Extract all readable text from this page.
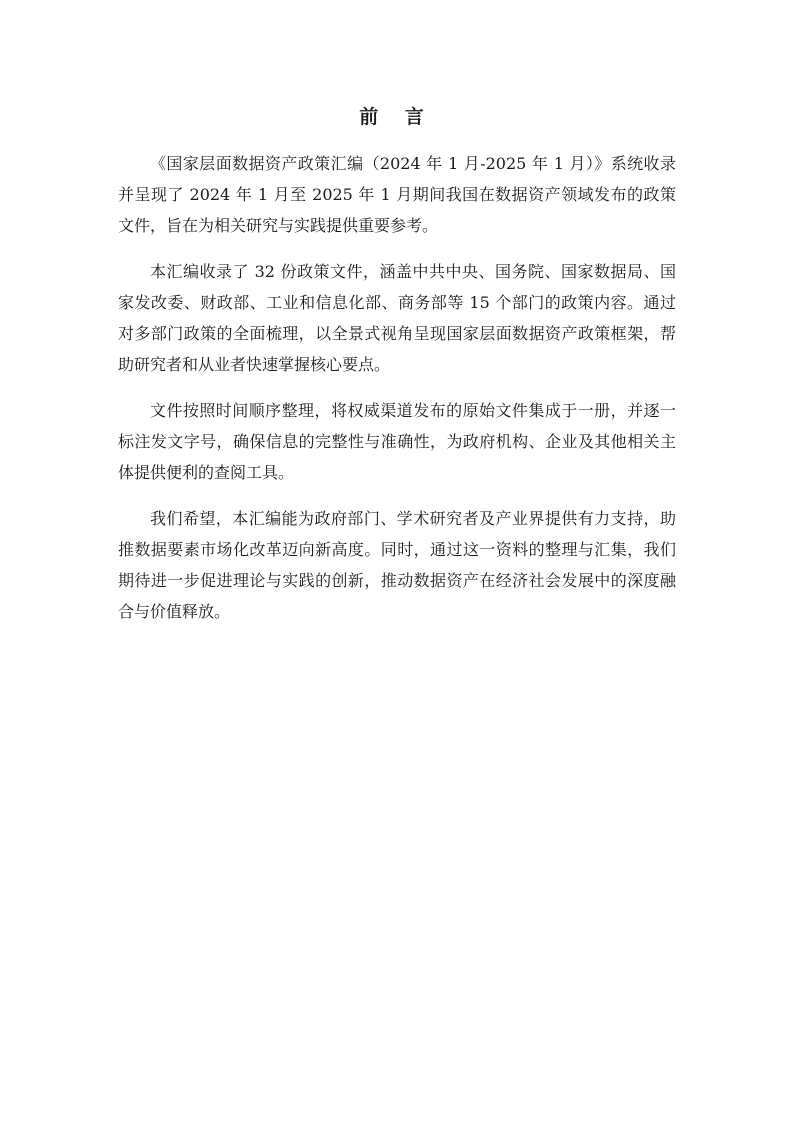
前 言

《国家层面数据资产政策汇编（2024 年 1 月-2025 年 1 月）》系统收录并呈现了 2024 年 1 月至 2025 年 1 月期间我国在数据资产领域发布的政策文件，旨在为相关研究与实践提供重要参考。

本汇编收录了 32 份政策文件，涵盖中共中央、国务院、国家数据局、国家发改委、财政部、工业和信息化部、商务部等 15 个部门的政策内容。通过对多部门政策的全面梳理，以全景式视角呈现国家层面数据资产政策框架，帮助研究者和从业者快速掌握核心要点。

文件按照时间顺序整理，将权威渠道发布的原始文件集成于一册，并逐一标注发文字号，确保信息的完整性与准确性，为政府机构、企业及其他相关主体提供便利的查阅工具。

我们希望，本汇编能为政府部门、学术研究者及产业界提供有力支持，助推数据要素市场化改革迈向新高度。同时，通过这一资料的整理与汇集，我们期待进一步促进理论与实践的创新，推动数据资产在经济社会发展中的深度融合与价值释放。
